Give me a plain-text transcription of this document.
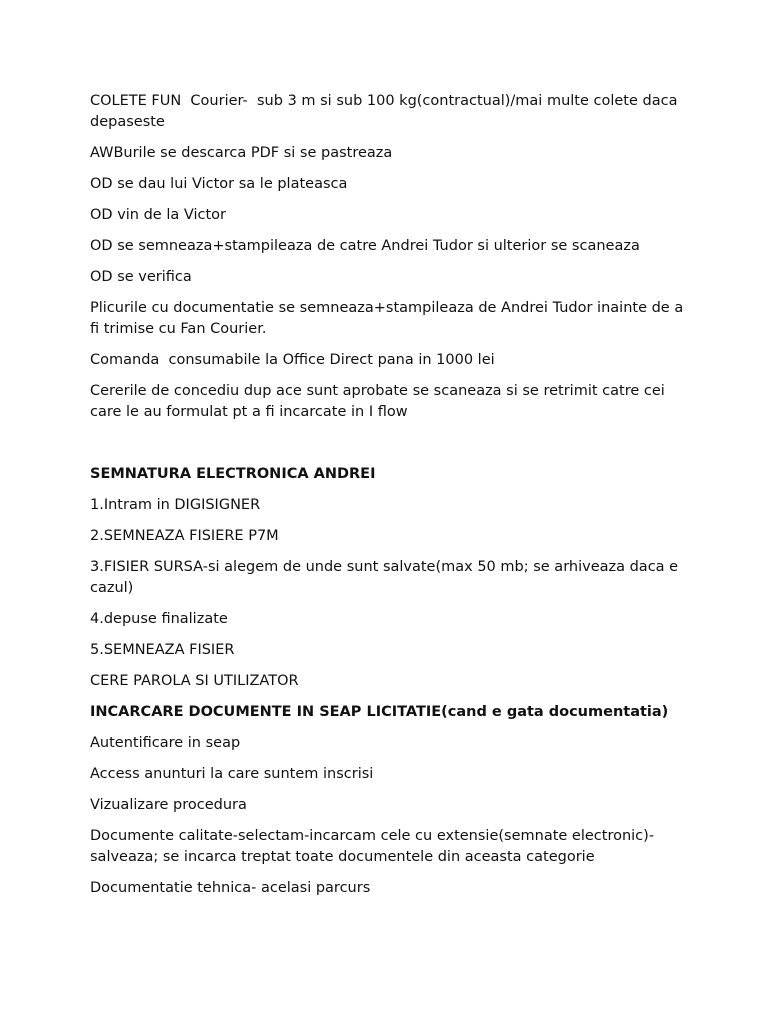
COLETE FUN  Courier-  sub 3 m si sub 100 kg(contractual)/mai multe colete daca depaseste

AWBurile se descarca PDF si se pastreaza

OD se dau lui Victor sa le plateasca

OD vin de la Victor

OD se semneaza+stampileaza de catre Andrei Tudor si ulterior se scaneaza

OD se verifica

Plicurile cu documentatie se semneaza+stampileaza de Andrei Tudor inainte de a fi trimise cu Fan Courier.

Comanda  consumabile la Office Direct pana in 1000 lei

Cererile de concediu dup ace sunt aprobate se scaneaza si se retrimit catre cei care le au formulat pt a fi incarcate in I flow

SEMNATURA ELECTRONICA ANDREI

1.Intram in DIGISIGNER

2.SEMNEAZA FISIERE P7M

3.FISIER SURSA-si alegem de unde sunt salvate(max 50 mb; se arhiveaza daca e cazul)

4.depuse finalizate

5.SEMNEAZA FISIER

CERE PAROLA SI UTILIZATOR

INCARCARE DOCUMENTE IN SEAP LICITATIE(cand e gata documentatia)

Autentificare in seap

Access anunturi la care suntem inscrisi

Vizualizare procedura

Documente calitate-selectam-incarcam cele cu extensie(semnate electronic)-salveaza; se incarca treptat toate documentele din aceasta categorie

Documentatie tehnica- acelasi parcurs
